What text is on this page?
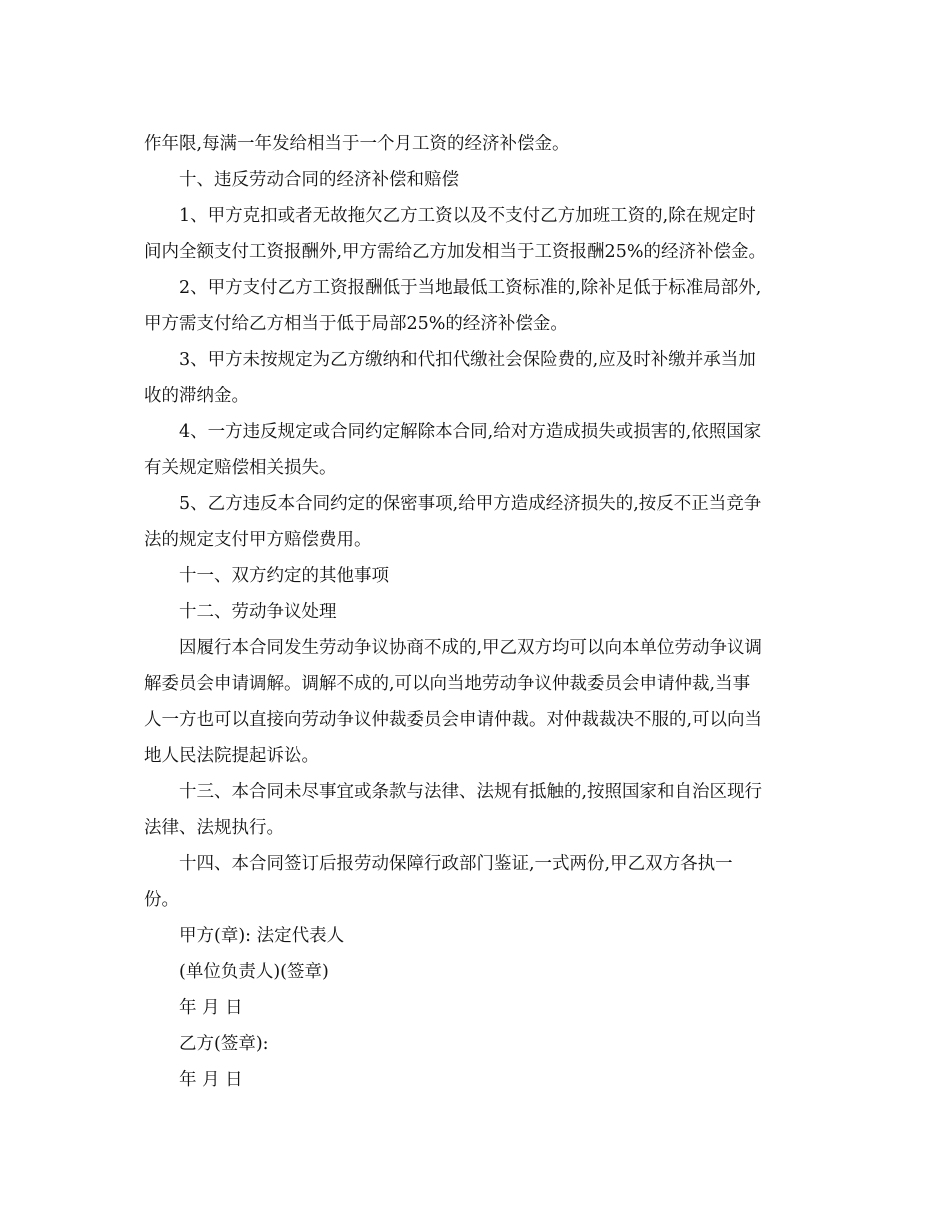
作年限,每满一年发给相当于一个月工资的经济补偿金。
十、违反劳动合同的经济补偿和赔偿
1、甲方克扣或者无故拖欠乙方工资以及不支付乙方加班工资的,除在规定时
间内全额支付工资报酬外,甲方需给乙方加发相当于工资报酬25%的经济补偿金。
2、甲方支付乙方工资报酬低于当地最低工资标准的,除补足低于标准局部外,
甲方需支付给乙方相当于低于局部25%的经济补偿金。
3、甲方未按规定为乙方缴纳和代扣代缴社会保险费的,应及时补缴并承当加
收的滞纳金。
4、一方违反规定或合同约定解除本合同,给对方造成损失或损害的,依照国家
有关规定赔偿相关损失。
5、乙方违反本合同约定的保密事项,给甲方造成经济损失的,按反不正当竞争
法的规定支付甲方赔偿费用。
十一、双方约定的其他事项
十二、劳动争议处理
因履行本合同发生劳动争议协商不成的,甲乙双方均可以向本单位劳动争议调
解委员会申请调解。调解不成的,可以向当地劳动争议仲裁委员会申请仲裁,当事
人一方也可以直接向劳动争议仲裁委员会申请仲裁。对仲裁裁决不服的,可以向当
地人民法院提起诉讼。
十三、本合同未尽事宜或条款与法律、法规有抵触的,按照国家和自治区现行
法律、法规执行。
十四、本合同签订后报劳动保障行政部门鉴证,一式两份,甲乙双方各执一
份。
甲方(章): 法定代表人
(单位负责人)(签章)
年 月 日
乙方(签章):
年 月 日
